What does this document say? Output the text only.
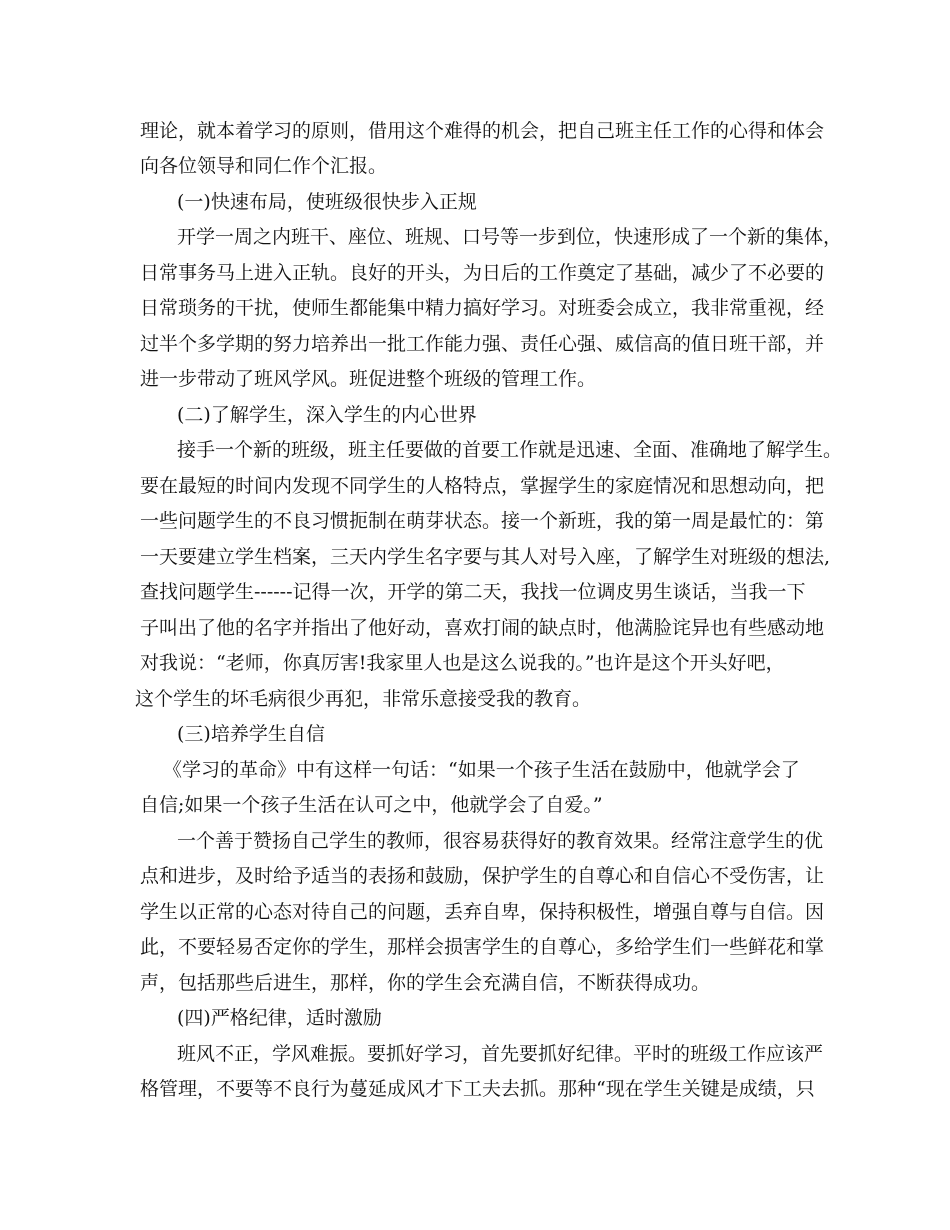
理论，就本着学习的原则，借用这个难得的机会，把自己班主任工作的心得和体会

向各位领导和同仁作个汇报。

(一)快速布局，使班级很快步入正规

开学一周之内班干、座位、班规、口号等一步到位，快速形成了一个新的集体，

日常事务马上进入正轨。良好的开头，为日后的工作奠定了基础，减少了不必要的

日常琐务的干扰，使师生都能集中精力搞好学习。对班委会成立，我非常重视，经

过半个多学期的努力培养出一批工作能力强、责任心强、威信高的值日班干部，并

进一步带动了班风学风。班促进整个班级的管理工作。

(二)了解学生，深入学生的内心世界

接手一个新的班级，班主任要做的首要工作就是迅速、全面、准确地了解学生。

要在最短的时间内发现不同学生的人格特点，掌握学生的家庭情况和思想动向，把

一些问题学生的不良习惯扼制在萌芽状态。接一个新班，我的第一周是最忙的：第

一天要建立学生档案，三天内学生名字要与其人对号入座，了解学生对班级的想法,

查找问题学生------记得一次，开学的第二天，我找一位调皮男生谈话，当我一下

子叫出了他的名字并指出了他好动，喜欢打闹的缺点时，他满脸诧异也有些感动地

对我说：“老师，你真厉害!我家里人也是这么说我的。”也许是这个开头好吧，

这个学生的坏毛病很少再犯，非常乐意接受我的教育。

(三)培养学生自信

《学习的革命》中有这样一句话：“如果一个孩子生活在鼓励中，他就学会了

自信;如果一个孩子生活在认可之中，他就学会了自爱。”

一个善于赞扬自己学生的教师，很容易获得好的教育效果。经常注意学生的优

点和进步，及时给予适当的表扬和鼓励，保护学生的自尊心和自信心不受伤害，让

学生以正常的心态对待自己的问题，丢弃自卑，保持积极性，增强自尊与自信。因

此，不要轻易否定你的学生，那样会损害学生的自尊心，多给学生们一些鲜花和掌

声，包括那些后进生，那样，你的学生会充满自信，不断获得成功。

(四)严格纪律，适时激励

班风不正，学风难振。要抓好学习，首先要抓好纪律。平时的班级工作应该严

格管理，不要等不良行为蔓延成风才下工夫去抓。那种“现在学生关键是成绩，只
